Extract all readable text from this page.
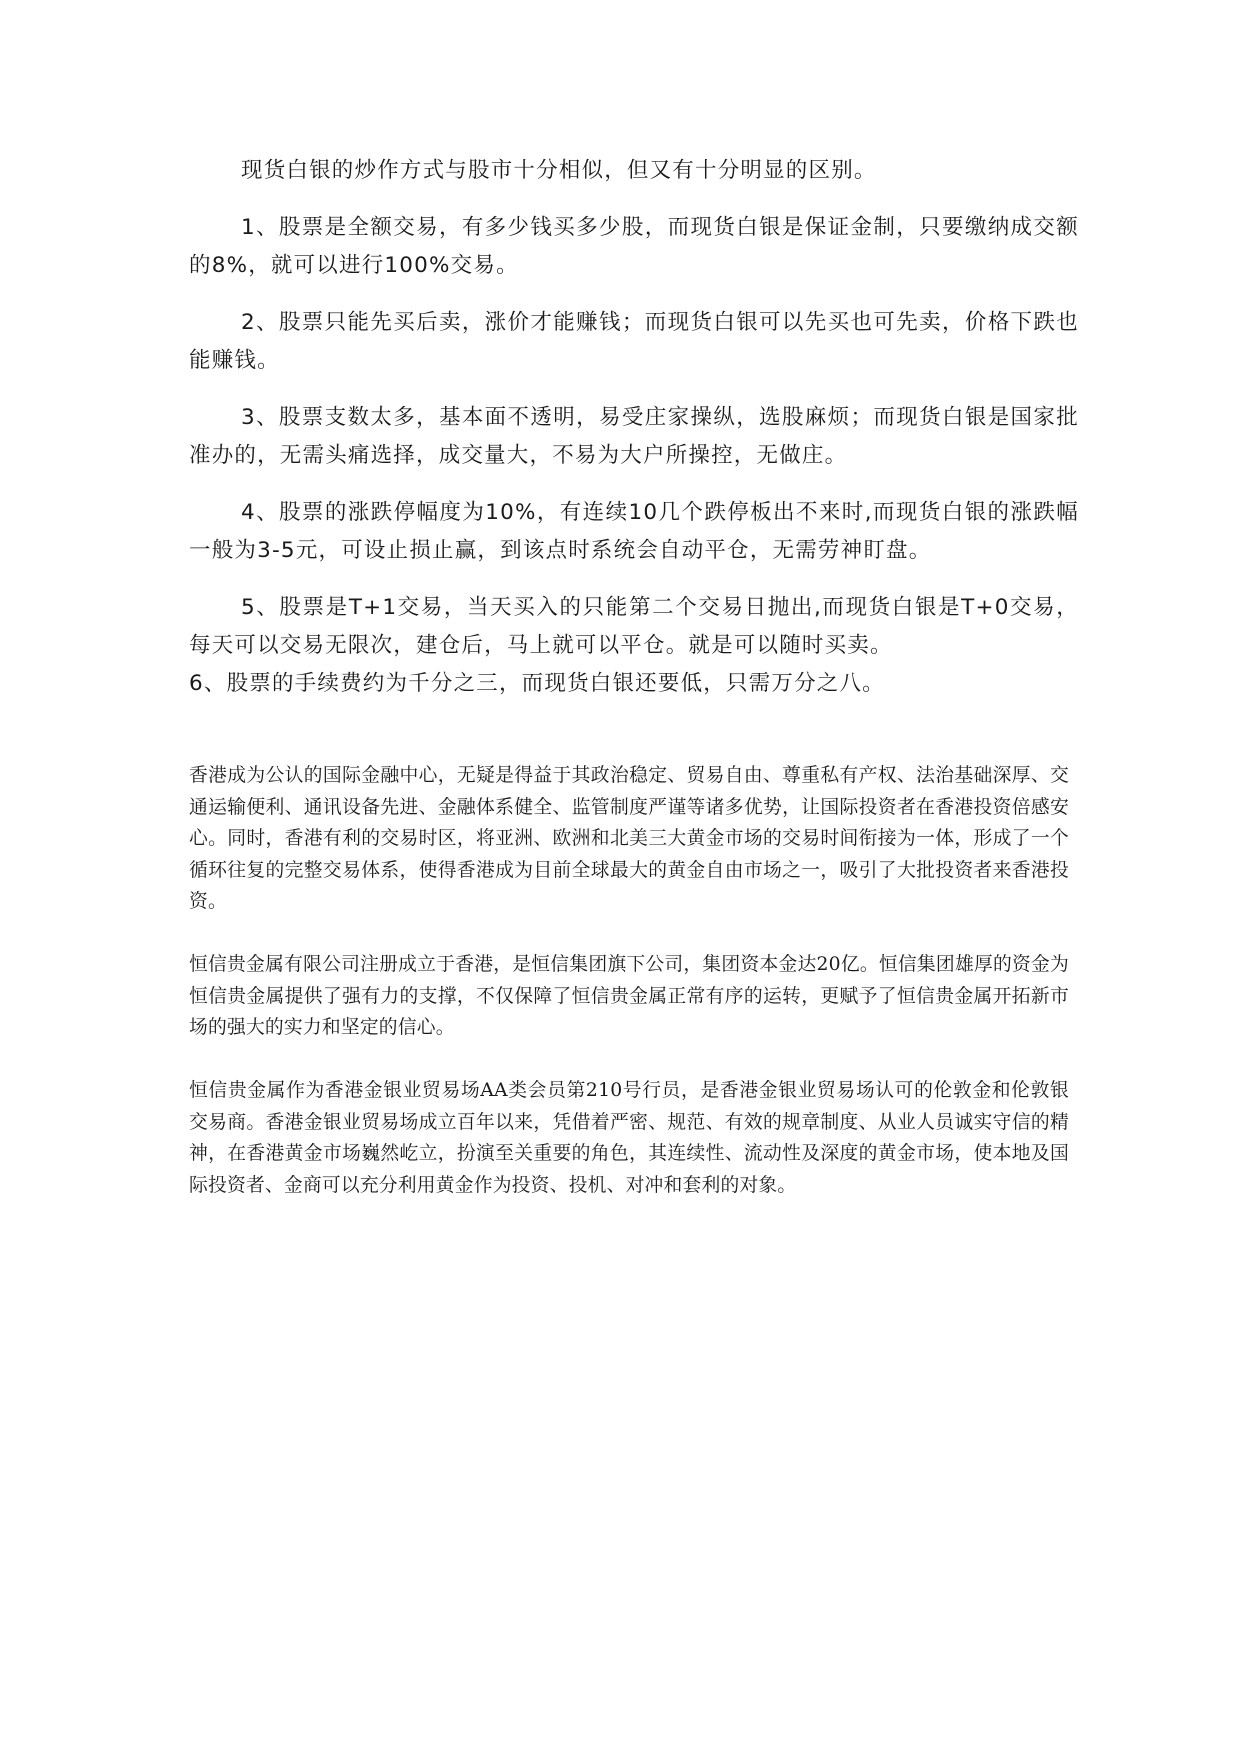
现货白银的炒作方式与股市十分相似，但又有十分明显的区别。

1、股票是全额交易，有多少钱买多少股，而现货白银是保证金制，只要缴纳成交额的8%，就可以进行100%交易。

2、股票只能先买后卖，涨价才能赚钱；而现货白银可以先买也可先卖，价格下跌也能赚钱。

3、股票支数太多，基本面不透明，易受庄家操纵，选股麻烦；而现货白银是国家批准办的，无需头痛选择，成交量大，不易为大户所操控，无做庄。

4、股票的涨跌停幅度为10%，有连续10几个跌停板出不来时,而现货白银的涨跌幅一般为3-5元，可设止损止赢，到该点时系统会自动平仓，无需劳神盯盘。

5、股票是T+1交易，当天买入的只能第二个交易日抛出,而现货白银是T+0交易，每天可以交易无限次，建仓后，马上就可以平仓。就是可以随时买卖。

6、股票的手续费约为千分之三，而现货白银还要低，只需万分之八。

香港成为公认的国际金融中心，无疑是得益于其政治稳定、贸易自由、尊重私有产权、法治基础深厚、交通运输便利、通讯设备先进、金融体系健全、监管制度严谨等诸多优势，让国际投资者在香港投资倍感安心。同时，香港有利的交易时区，将亚洲、欧洲和北美三大黄金市场的交易时间衔接为一体，形成了一个循环往复的完整交易体系，使得香港成为目前全球最大的黄金自由市场之一，吸引了大批投资者来香港投资。

恒信贵金属有限公司注册成立于香港，是恒信集团旗下公司，集团资本金达20亿。恒信集团雄厚的资金为恒信贵金属提供了强有力的支撑，不仅保障了恒信贵金属正常有序的运转，更赋予了恒信贵金属开拓新市场的强大的实力和坚定的信心。

恒信贵金属作为香港金银业贸易场AA类会员第210号行员，是香港金银业贸易场认可的伦敦金和伦敦银交易商。香港金银业贸易场成立百年以来，凭借着严密、规范、有效的规章制度、从业人员诚实守信的精神，在香港黄金市场巍然屹立，扮演至关重要的角色，其连续性、流动性及深度的黄金市场，使本地及国际投资者、金商可以充分利用黄金作为投资、投机、对冲和套利的对象。
